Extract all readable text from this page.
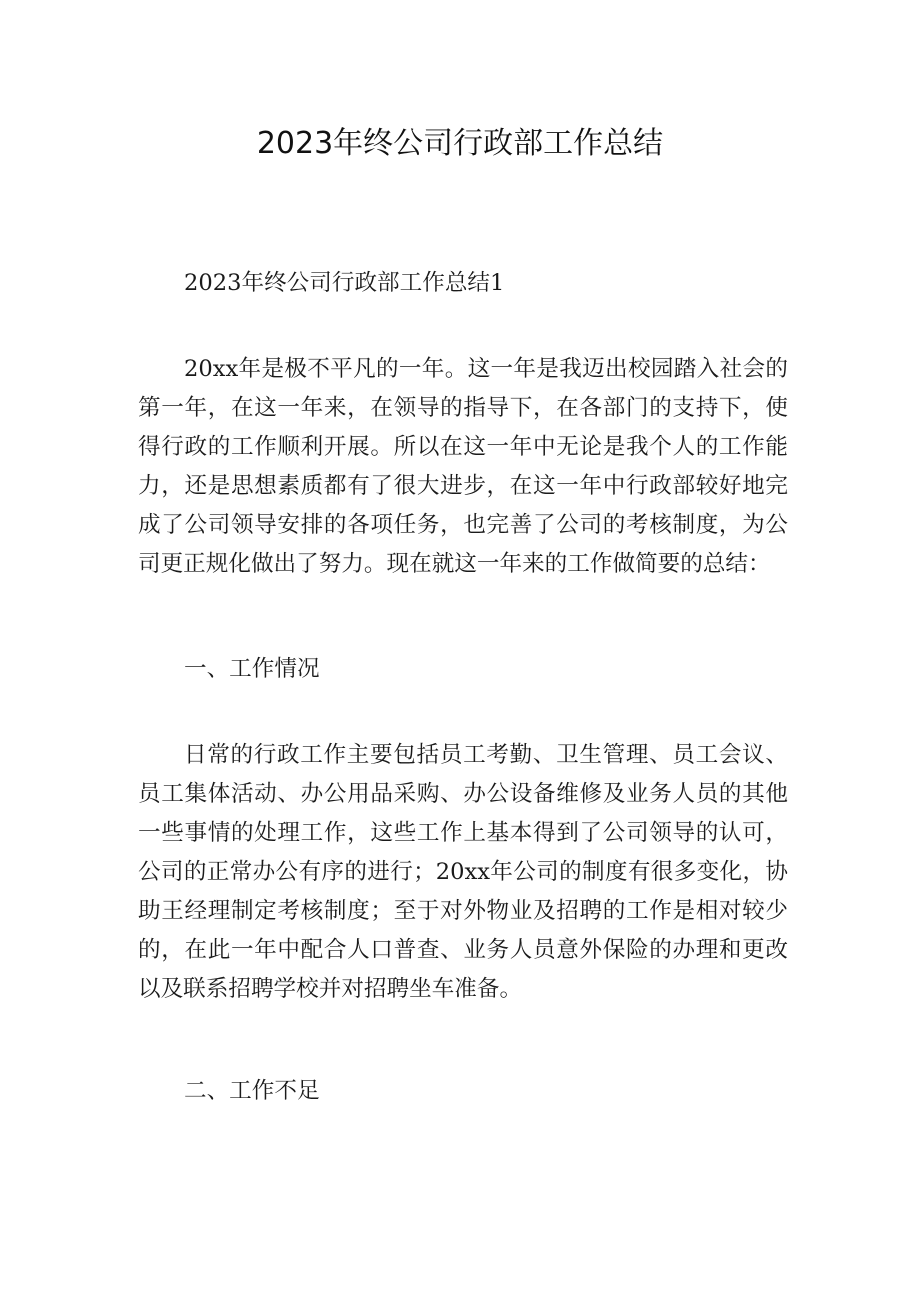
2023年终公司行政部工作总结
2023年终公司行政部工作总结1
20xx年是极不平凡的一年。这一年是我迈出校园踏入社会的第一年，在这一年来，在领导的指导下，在各部门的支持下，使得行政的工作顺利开展。所以在这一年中无论是我个人的工作能力，还是思想素质都有了很大进步，在这一年中行政部较好地完成了公司领导安排的各项任务，也完善了公司的考核制度，为公司更正规化做出了努力。现在就这一年来的工作做简要的总结：
一、工作情况
日常的行政工作主要包括员工考勤、卫生管理、员工会议、员工集体活动、办公用品采购、办公设备维修及业务人员的其他一些事情的处理工作，这些工作上基本得到了公司领导的认可，公司的正常办公有序的进行；20xx年公司的制度有很多变化，协助王经理制定考核制度；至于对外物业及招聘的工作是相对较少的，在此一年中配合人口普查、业务人员意外保险的办理和更改以及联系招聘学校并对招聘坐车准备。
二、工作不足
